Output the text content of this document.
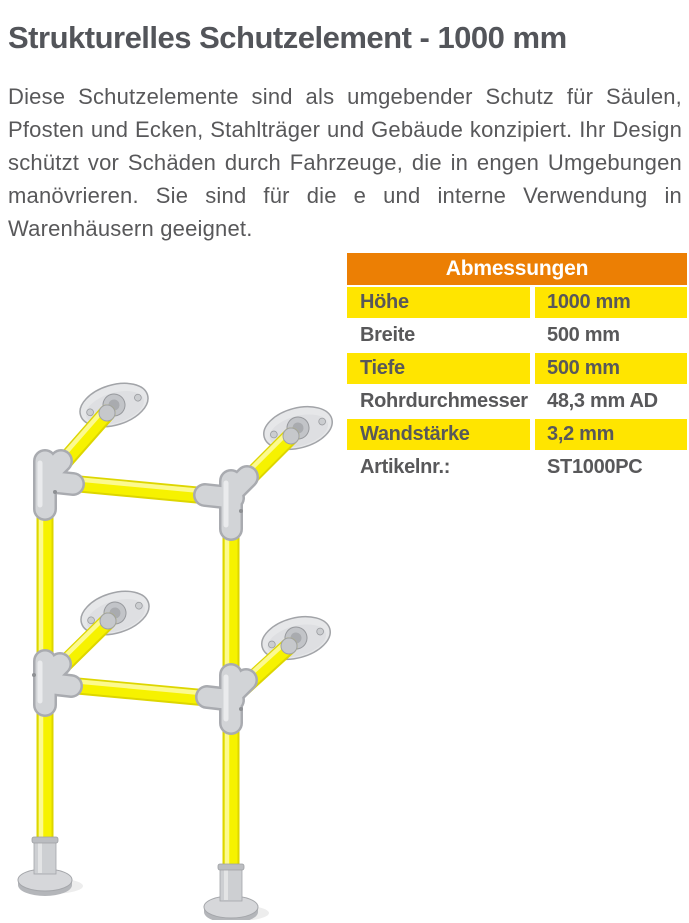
Strukturelles Schutzelement - 1000 mm

Diese Schutzelemente sind als umgebender Schutz für Säulen, Pfosten und Ecken, Stahlträger und Gebäude konzipiert. Ihr Design schützt vor Schäden durch Fahrzeuge, die in engen Umgebungen manövrieren. Sie sind für die e und interne Verwendung in Warenhäusern geeignet.

Abmessungen
Höhe	1000 mm
Breite	500 mm
Tiefe	500 mm
Rohrdurchmesser 48,3 mm AD
Wandstärke	3,2 mm
Artikelnr.:	ST1000PC
